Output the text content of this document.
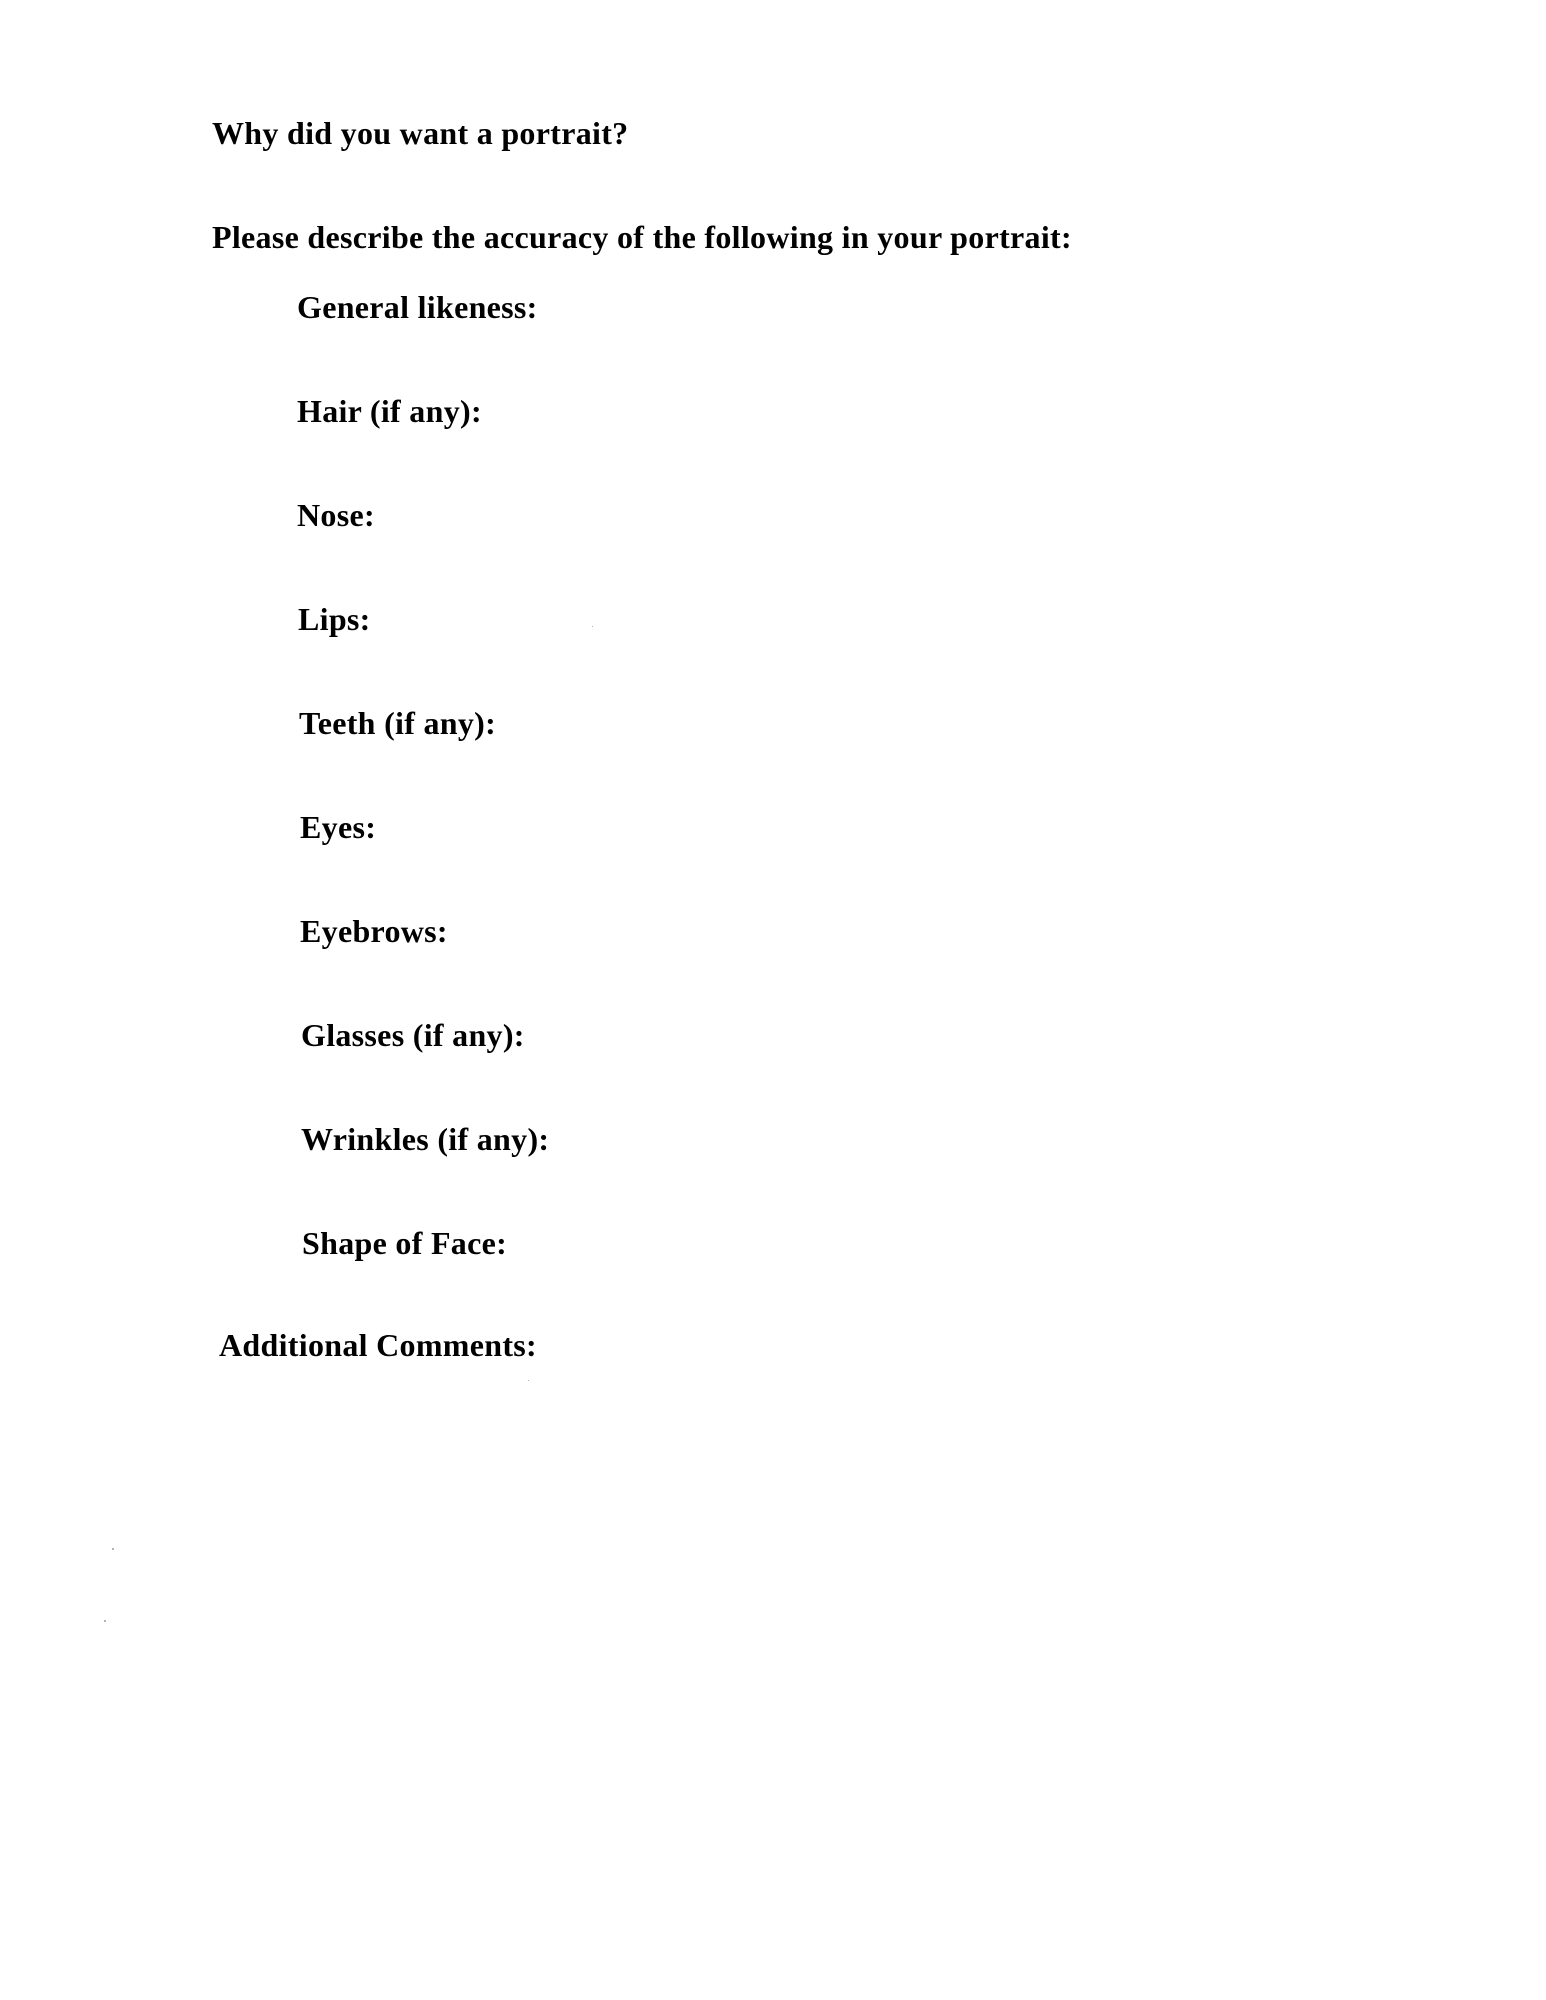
Why did you want a portrait?

Please describe the accuracy of the following in your portrait:

General likeness:
Hair (if any):
Nose:
Lips:
Teeth (if any):
Eyes:
Eyebrows:
Glasses (if any):
Wrinkles (if any):
Shape of Face:

Additional Comments:
